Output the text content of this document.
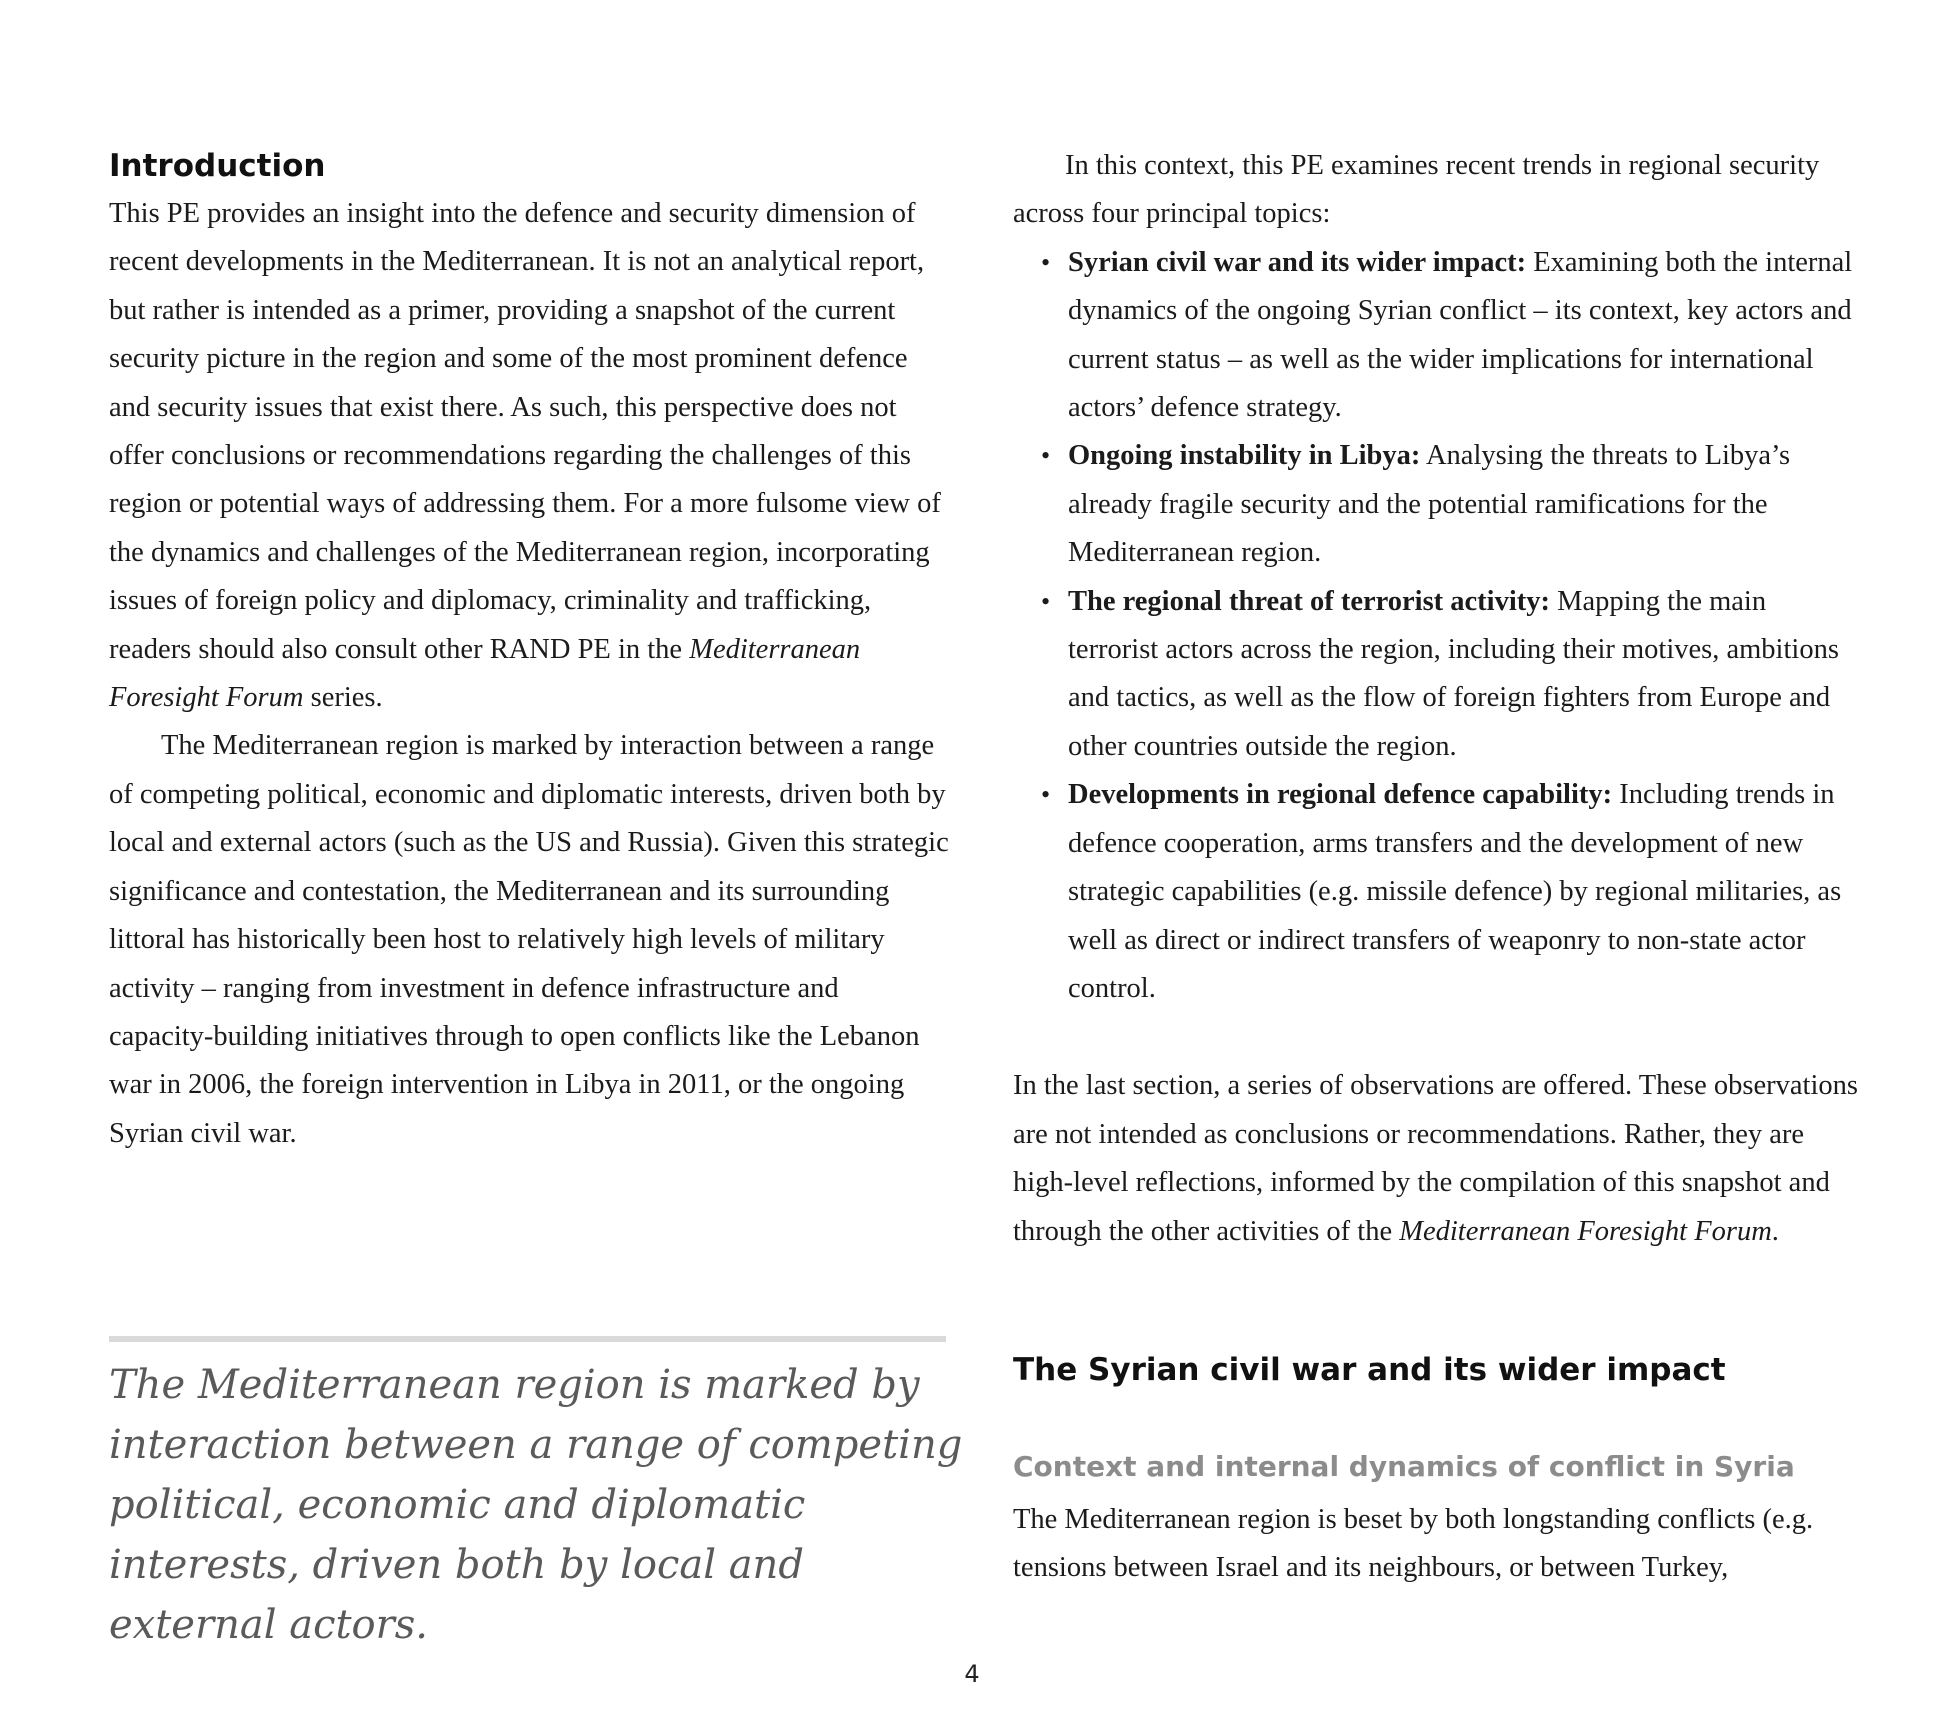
Introduction

This PE provides an insight into the defence and security dimension of recent developments in the Mediterranean. It is not an analytical report, but rather is intended as a primer, providing a snapshot of the current security picture in the region and some of the most prominent defence and security issues that exist there. As such, this perspective does not offer conclusions or recommendations regarding the challenges of this region or potential ways of addressing them. For a more fulsome view of the dynamics and challenges of the Mediterranean region, incorporating issues of foreign policy and diplomacy, criminality and trafficking, readers should also consult other RAND PE in the Mediterranean Foresight Forum series.

The Mediterranean region is marked by interaction between a range of competing political, economic and diplomatic interests, driven both by local and external actors (such as the US and Russia). Given this strategic significance and contestation, the Mediterranean and its surrounding littoral has historically been host to relatively high levels of military activity – ranging from investment in defence infrastructure and capacity-building initiatives through to open conflicts like the Lebanon war in 2006, the foreign intervention in Libya in 2011, or the ongoing Syrian civil war.

The Mediterranean region is marked by interaction between a range of competing political, economic and diplomatic interests, driven both by local and external actors.

In this context, this PE examines recent trends in regional security across four principal topics:

• Syrian civil war and its wider impact: Examining both the internal dynamics of the ongoing Syrian conflict – its context, key actors and current status – as well as the wider implications for international actors’ defence strategy.
• Ongoing instability in Libya: Analysing the threats to Libya’s already fragile security and the potential ramifications for the Mediterranean region.
• The regional threat of terrorist activity: Mapping the main terrorist actors across the region, including their motives, ambitions and tactics, as well as the flow of foreign fighters from Europe and other countries outside the region.
• Developments in regional defence capability: Including trends in defence cooperation, arms transfers and the development of new strategic capabilities (e.g. missile defence) by regional militaries, as well as direct or indirect transfers of weaponry to non-state actor control.

In the last section, a series of observations are offered. These observations are not intended as conclusions or recommendations. Rather, they are high-level reflections, informed by the compilation of this snapshot and through the other activities of the Mediterranean Foresight Forum.

The Syrian civil war and its wider impact
Context and internal dynamics of conflict in Syria

The Mediterranean region is beset by both longstanding conflicts (e.g. tensions between Israel and its neighbours, or between Turkey,

4
